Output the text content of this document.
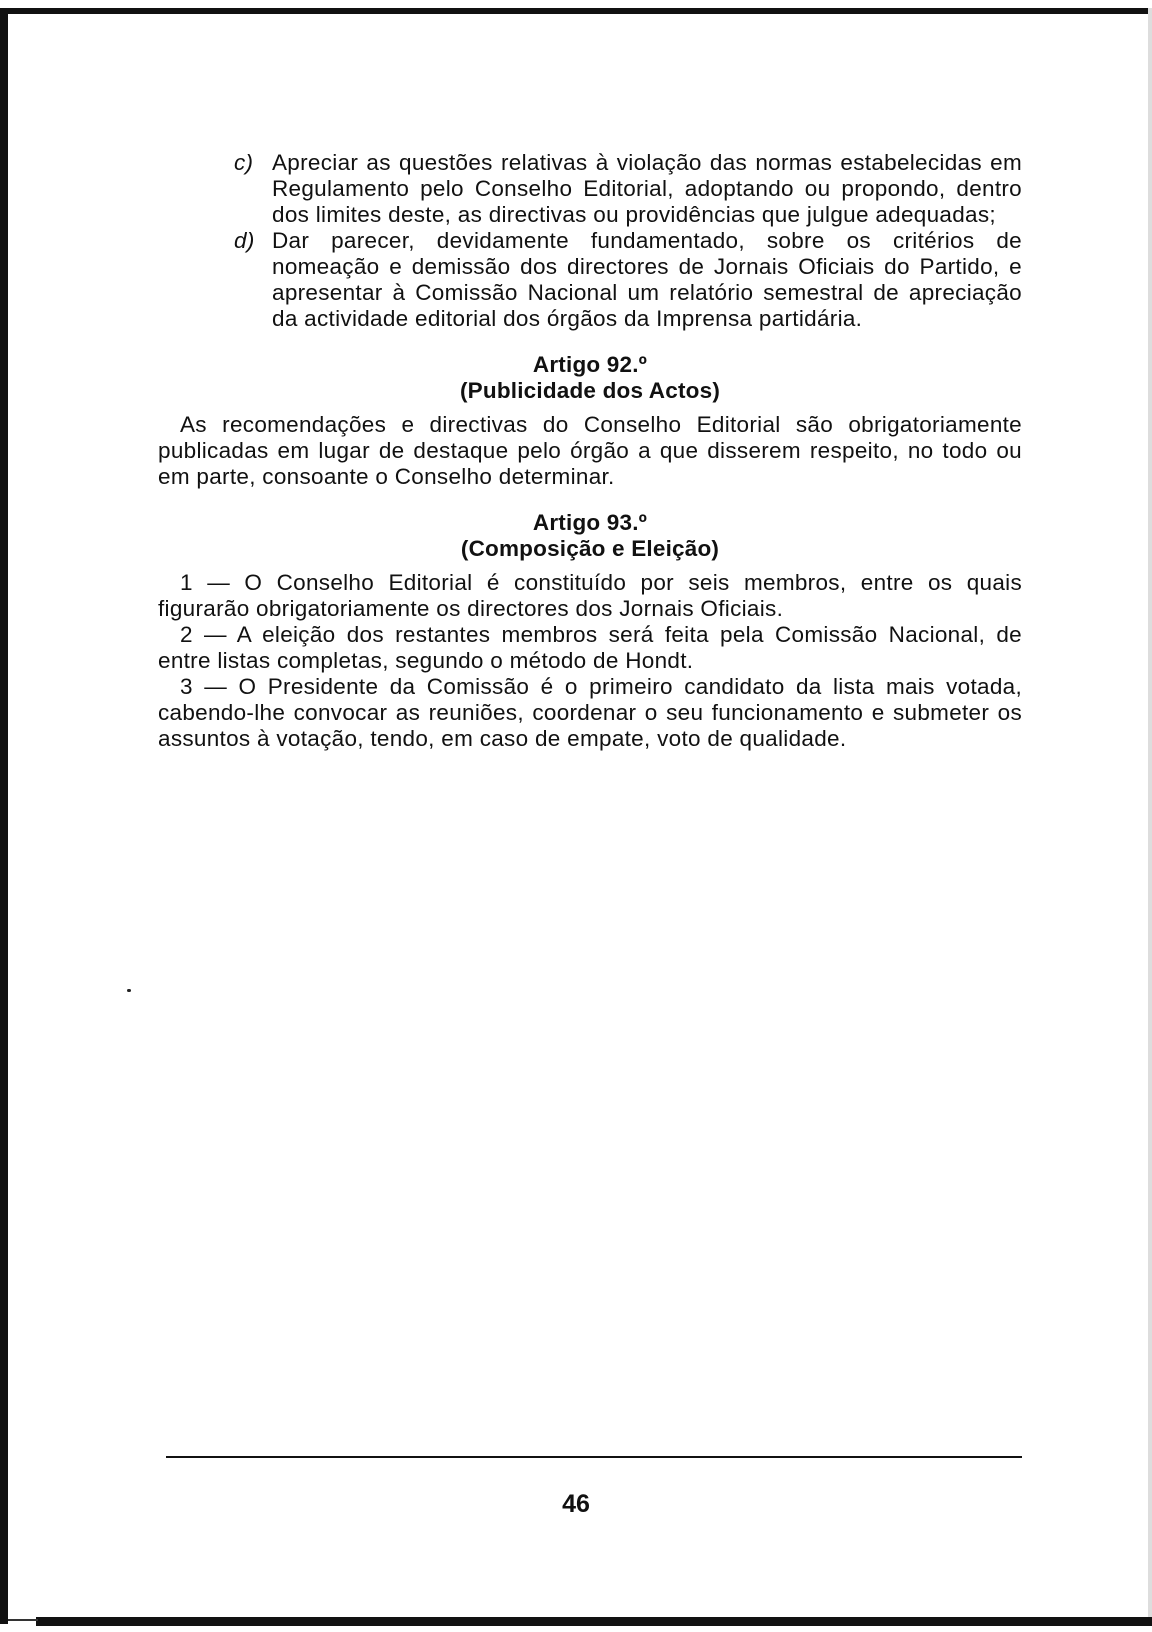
c) Apreciar as questões relativas à violação das normas estabelecidas em Regulamento pelo Conselho Editorial, adoptando ou propondo, dentro dos limites deste, as directivas ou providências que julgue adequadas;

d) Dar parecer, devidamente fundamentado, sobre os critérios de nomeação e demissão dos directores de Jornais Oficiais do Partido, e apresentar à Comissão Nacional um relatório semestral de apreciação da actividade editorial dos órgãos da Imprensa partidária.

Artigo 92.º

(Publicidade dos Actos)

As recomendações e directivas do Conselho Editorial são obrigatoriamente publicadas em lugar de destaque pelo órgão a que disserem respeito, no todo ou em parte, consoante o Conselho determinar.

Artigo 93.º

(Composição e Eleição)

1 — O Conselho Editorial é constituído por seis membros, entre os quais figurarão obrigatoriamente os directores dos Jornais Oficiais.

2 — A eleição dos restantes membros será feita pela Comissão Nacional, de entre listas completas, segundo o método de Hondt.

3 — O Presidente da Comissão é o primeiro candidato da lista mais votada, cabendo-lhe convocar as reuniões, coordenar o seu funcionamento e submeter os assuntos à votação, tendo, em caso de empate, voto de qualidade.

46
